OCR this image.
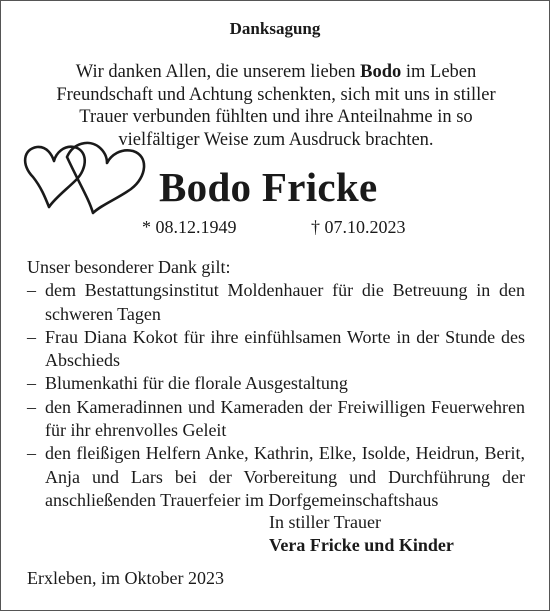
Danksagung
Wir danken Allen, die unserem lieben Bodo im Leben Freundschaft und Achtung schenkten, sich mit uns in stiller Trauer verbunden fühlten und ihre Anteilnahme in so vielfältiger Weise zum Ausdruck brachten.
Bodo Fricke
* 08.12.1949	† 07.10.2023

Unser besonderer Dank gilt:

– dem Bestattungsinstitut Moldenhauer für die Betreuung in den schweren Tagen
– Frau Diana Kokot für ihre einfühlsamen Worte in der Stunde des Abschieds
– Blumenkathi für die florale Ausgestaltung
– den Kameradinnen und Kameraden der Freiwilligen Feuerwehren für ihr ehrenvolles Geleit
– den fleißigen Helfern Anke, Kathrin, Elke, Isolde, Heidrun, Berit, Anja und Lars bei der Vorbereitung und Durchführung der anschließenden Trauerfeier im Dorfgemeinschaftshaus
In stiller Trauer
Vera Fricke und Kinder
Erxleben, im Oktober 2023
